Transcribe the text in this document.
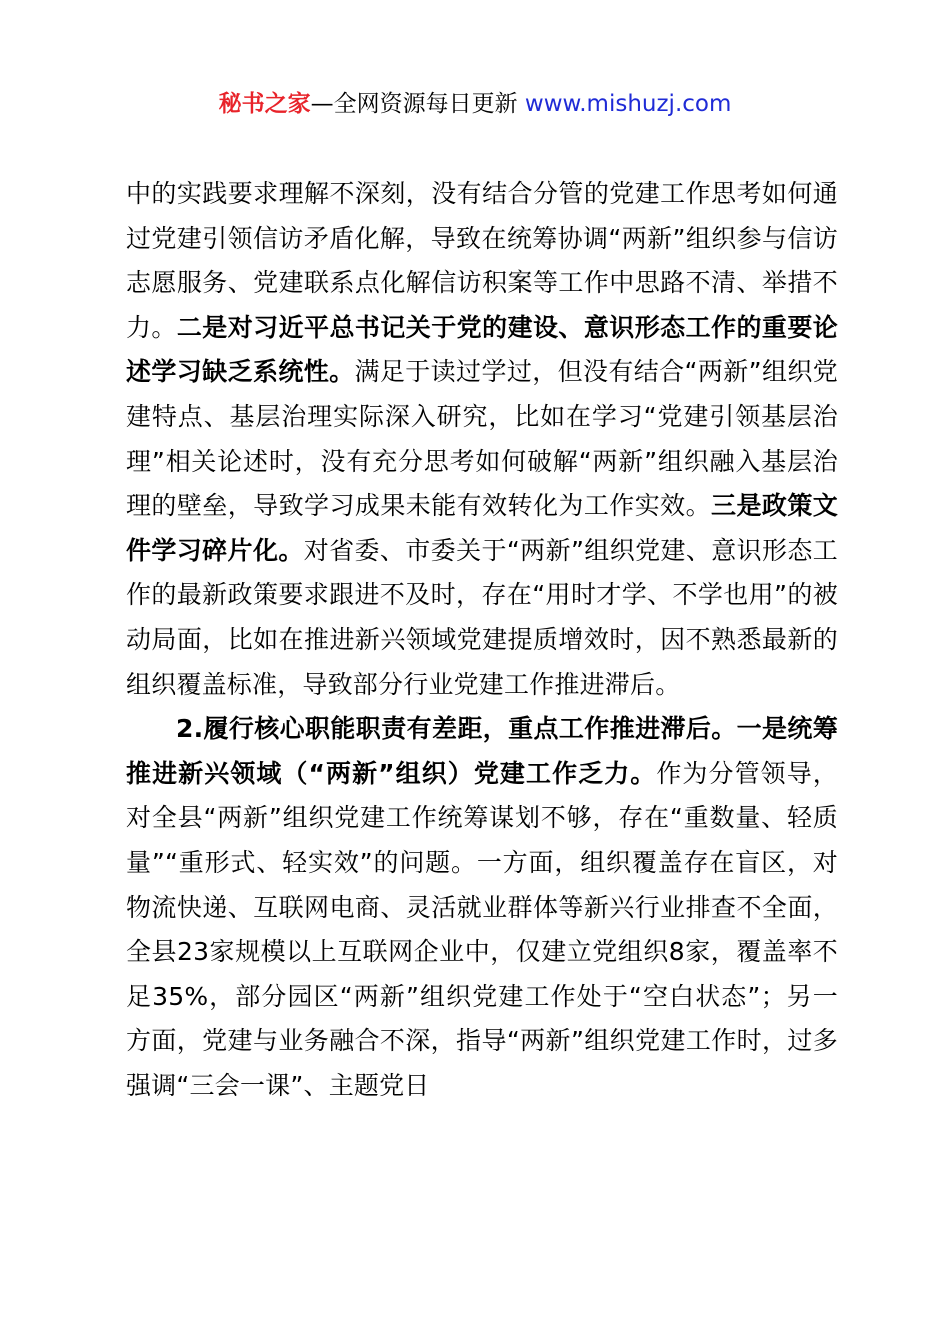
秘书之家—全网资源每日更新 www.mishuzj.com

中的实践要求理解不深刻，没有结合分管的党建工作思考如何通过党建引领信访矛盾化解，导致在统筹协调“两新”组织参与信访志愿服务、党建联系点化解信访积案等工作中思路不清、举措不力。二是对习近平总书记关于党的建设、意识形态工作的重要论述学习缺乏系统性。满足于读过学过，但没有结合“两新”组织党建特点、基层治理实际深入研究，比如在学习“党建引领基层治理”相关论述时，没有充分思考如何破解“两新”组织融入基层治理的壁垒，导致学习成果未能有效转化为工作实效。三是政策文件学习碎片化。对省委、市委关于“两新”组织党建、意识形态工作的最新政策要求跟进不及时，存在“用时才学、不学也用”的被动局面，比如在推进新兴领域党建提质增效时，因不熟悉最新的组织覆盖标准，导致部分行业党建工作推进滞后。

2.履行核心职能职责有差距，重点工作推进滞后。一是统筹推进新兴领域（“两新”组织）党建工作乏力。作为分管领导，对全县“两新”组织党建工作统筹谋划不够，存在“重数量、轻质量”“重形式、轻实效”的问题。一方面，组织覆盖存在盲区，对物流快递、互联网电商、灵活就业群体等新兴行业排查不全面，全县23家规模以上互联网企业中，仅建立党组织8家，覆盖率不足35%，部分园区“两新”组织党建工作处于“空白状态”；另一方面，党建与业务融合不深，指导“两新”组织党建工作时，过多强调“三会一课”、主题党日
